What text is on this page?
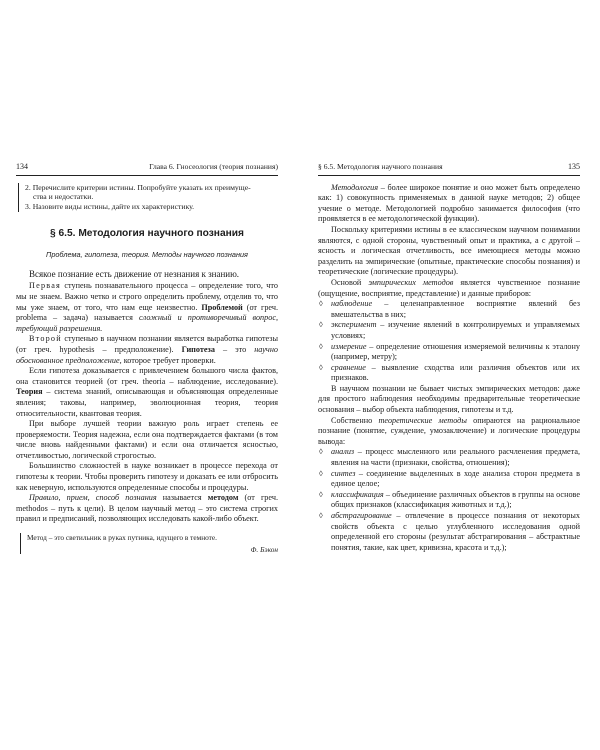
134	Глава 6. Гносеология (теория познания)
2. Перечислите критерии истины. Попробуйте указать их преимуще-
ства и недостатки.
3. Назовите виды истины, дайте их характеристику.
§ 6.5. Методология научного познания
Проблема, гипотеза, теория. Методы научного познания

Всякое познание есть движение от незнания к знанию.

Первая ступень познавательного процесса – определение того, что мы не знаем. Важно четко и строго определить проблему, отделив то, что мы уже знаем, от того, что нам еще неизвестно. Проблемой (от греч. problema – задача) называется сложный и противоречивый вопрос, требующий разрешения.

Второй ступенью в научном познании является выработка гипотезы (от греч. hypothesis – предположение). Гипотеза – это научно обоснованное предположение, которое требует проверки.

Если гипотеза доказывается с привлечением большого числа фактов, она становится теорией (от греч. theoria – наблюдение, исследование). Теория – система знаний, описывающая и объясняющая определенные явления; таковы, например, эволюционная теория, теория относительности, квантовая теория.

При выборе лучшей теории важную роль играет степень ее проверяемости. Теория надежна, если она подтверждается фактами (в том числе вновь найденными фактами) и если она отличается ясностью, отчетливостью, логической строгостью.

Большинство сложностей в науке возникает в процессе перехода от гипотезы к теории. Чтобы проверить гипотезу и доказать ее или отбросить как неверную, используются определенные способы и процедуры.

Правило, прием, способ познания называется методом (от греч. methodos – путь к цели). В целом научный метод – это система строгих правил и предписаний, позволяющих исследовать какой-либо объект.

Метод – это светильник в руках путника, идущего в темноте.
Ф. Бэкон
§ 6.5. Методология научного познания	135

Методология – более широкое понятие и оно может быть определено как: 1) совокупность применяемых в данной науке методов; 2) общее учение о методе. Методологией подробно занимается философия (что проявляется в ее методологической функции).

Поскольку критериями истины в ее классическом научном понимании являются, с одной стороны, чувственный опыт и практика, а с другой – ясность и логическая отчетливость, все имеющиеся методы можно разделить на эмпирические (опытные, практические способы познания) и теоретические (логические процедуры).

Основой эмпирических методов является чувственное познание (ощущение, восприятие, представление) и данные приборов:

◊ наблюдение – целенаправленное восприятие явлений без вмешательства в них;
◊ эксперимент – изучение явлений в контролируемых и управляемых условиях;
◊ измерение – определение отношения измеряемой величины к эталону (например, метру);
◊ сравнение – выявление сходства или различия объектов или их признаков.

В научном познании не бывает чистых эмпирических методов: даже для простого наблюдения необходимы предварительные теоретические основания – выбор объекта наблюдения, гипотезы и т.д.

Собственно теоретические методы опираются на рациональное познание (понятие, суждение, умозаключение) и логические процедуры вывода:

◊ анализ – процесс мысленного или реального расчленения предмета, явления на части (признаки, свойства, отношения);
◊ синтез – соединение выделенных в ходе анализа сторон предмета в единое целое;
◊ классификация – объединение различных объектов в группы на основе общих признаков (классификация животных и т.д.);
◊ абстрагирование – отвлечение в процессе познания от некоторых свойств объекта с целью углубленного исследования одной определенной его стороны (результат абстрагирования – абстрактные понятия, такие, как цвет, кривизна, красота и т.д.);
